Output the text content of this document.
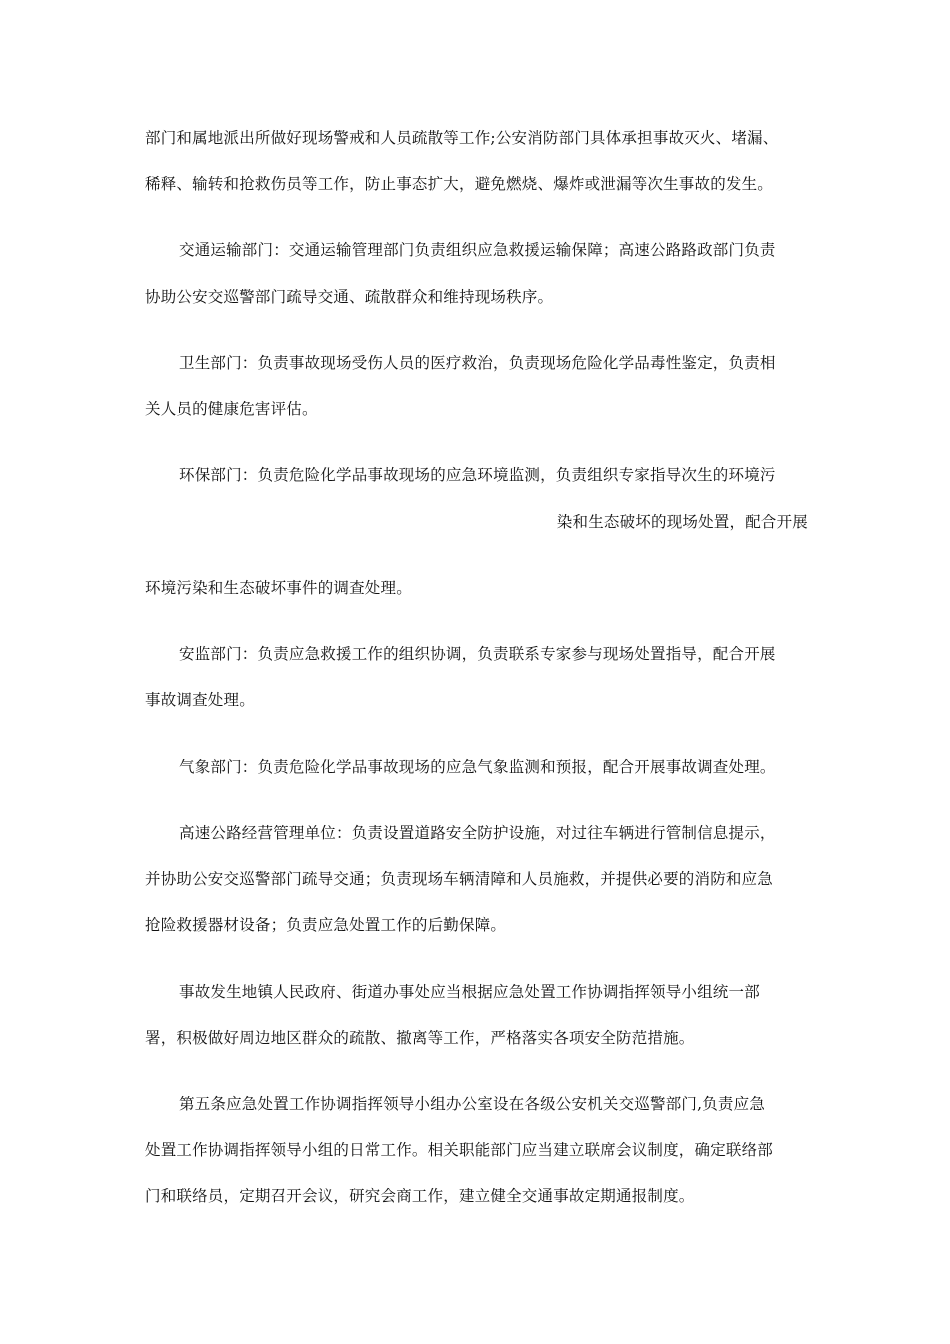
部门和属地派出所做好现场警戒和人员疏散等工作;公安消防部门具体承担事故灭火、堵漏、
稀释、输转和抢救伤员等工作，防止事态扩大，避免燃烧、爆炸或泄漏等次生事故的发生。
交通运输部门：交通运输管理部门负责组织应急救援运输保障；高速公路路政部门负责
协助公安交巡警部门疏导交通、疏散群众和维持现场秩序。
卫生部门：负责事故现场受伤人员的医疗救治，负责现场危险化学品毒性鉴定，负责相
关人员的健康危害评估。
环保部门：负责危险化学品事故现场的应急环境监测，负责组织专家指导次生的环境污
染和生态破坏的现场处置，配合开展
环境污染和生态破坏事件的调查处理。
安监部门：负责应急救援工作的组织协调，负责联系专家参与现场处置指导，配合开展
事故调查处理。
气象部门：负责危险化学品事故现场的应急气象监测和预报，配合开展事故调查处理。
高速公路经营管理单位：负责设置道路安全防护设施，对过往车辆进行管制信息提示，
并协助公安交巡警部门疏导交通；负责现场车辆清障和人员施救，并提供必要的消防和应急
抢险救援器材设备；负责应急处置工作的后勤保障。
事故发生地镇人民政府、街道办事处应当根据应急处置工作协调指挥领导小组统一部
署，积极做好周边地区群众的疏散、撤离等工作，严格落实各项安全防范措施。
第五条应急处置工作协调指挥领导小组办公室设在各级公安机关交巡警部门,负责应急
处置工作协调指挥领导小组的日常工作。相关职能部门应当建立联席会议制度，确定联络部
门和联络员，定期召开会议，研究会商工作，建立健全交通事故定期通报制度。
